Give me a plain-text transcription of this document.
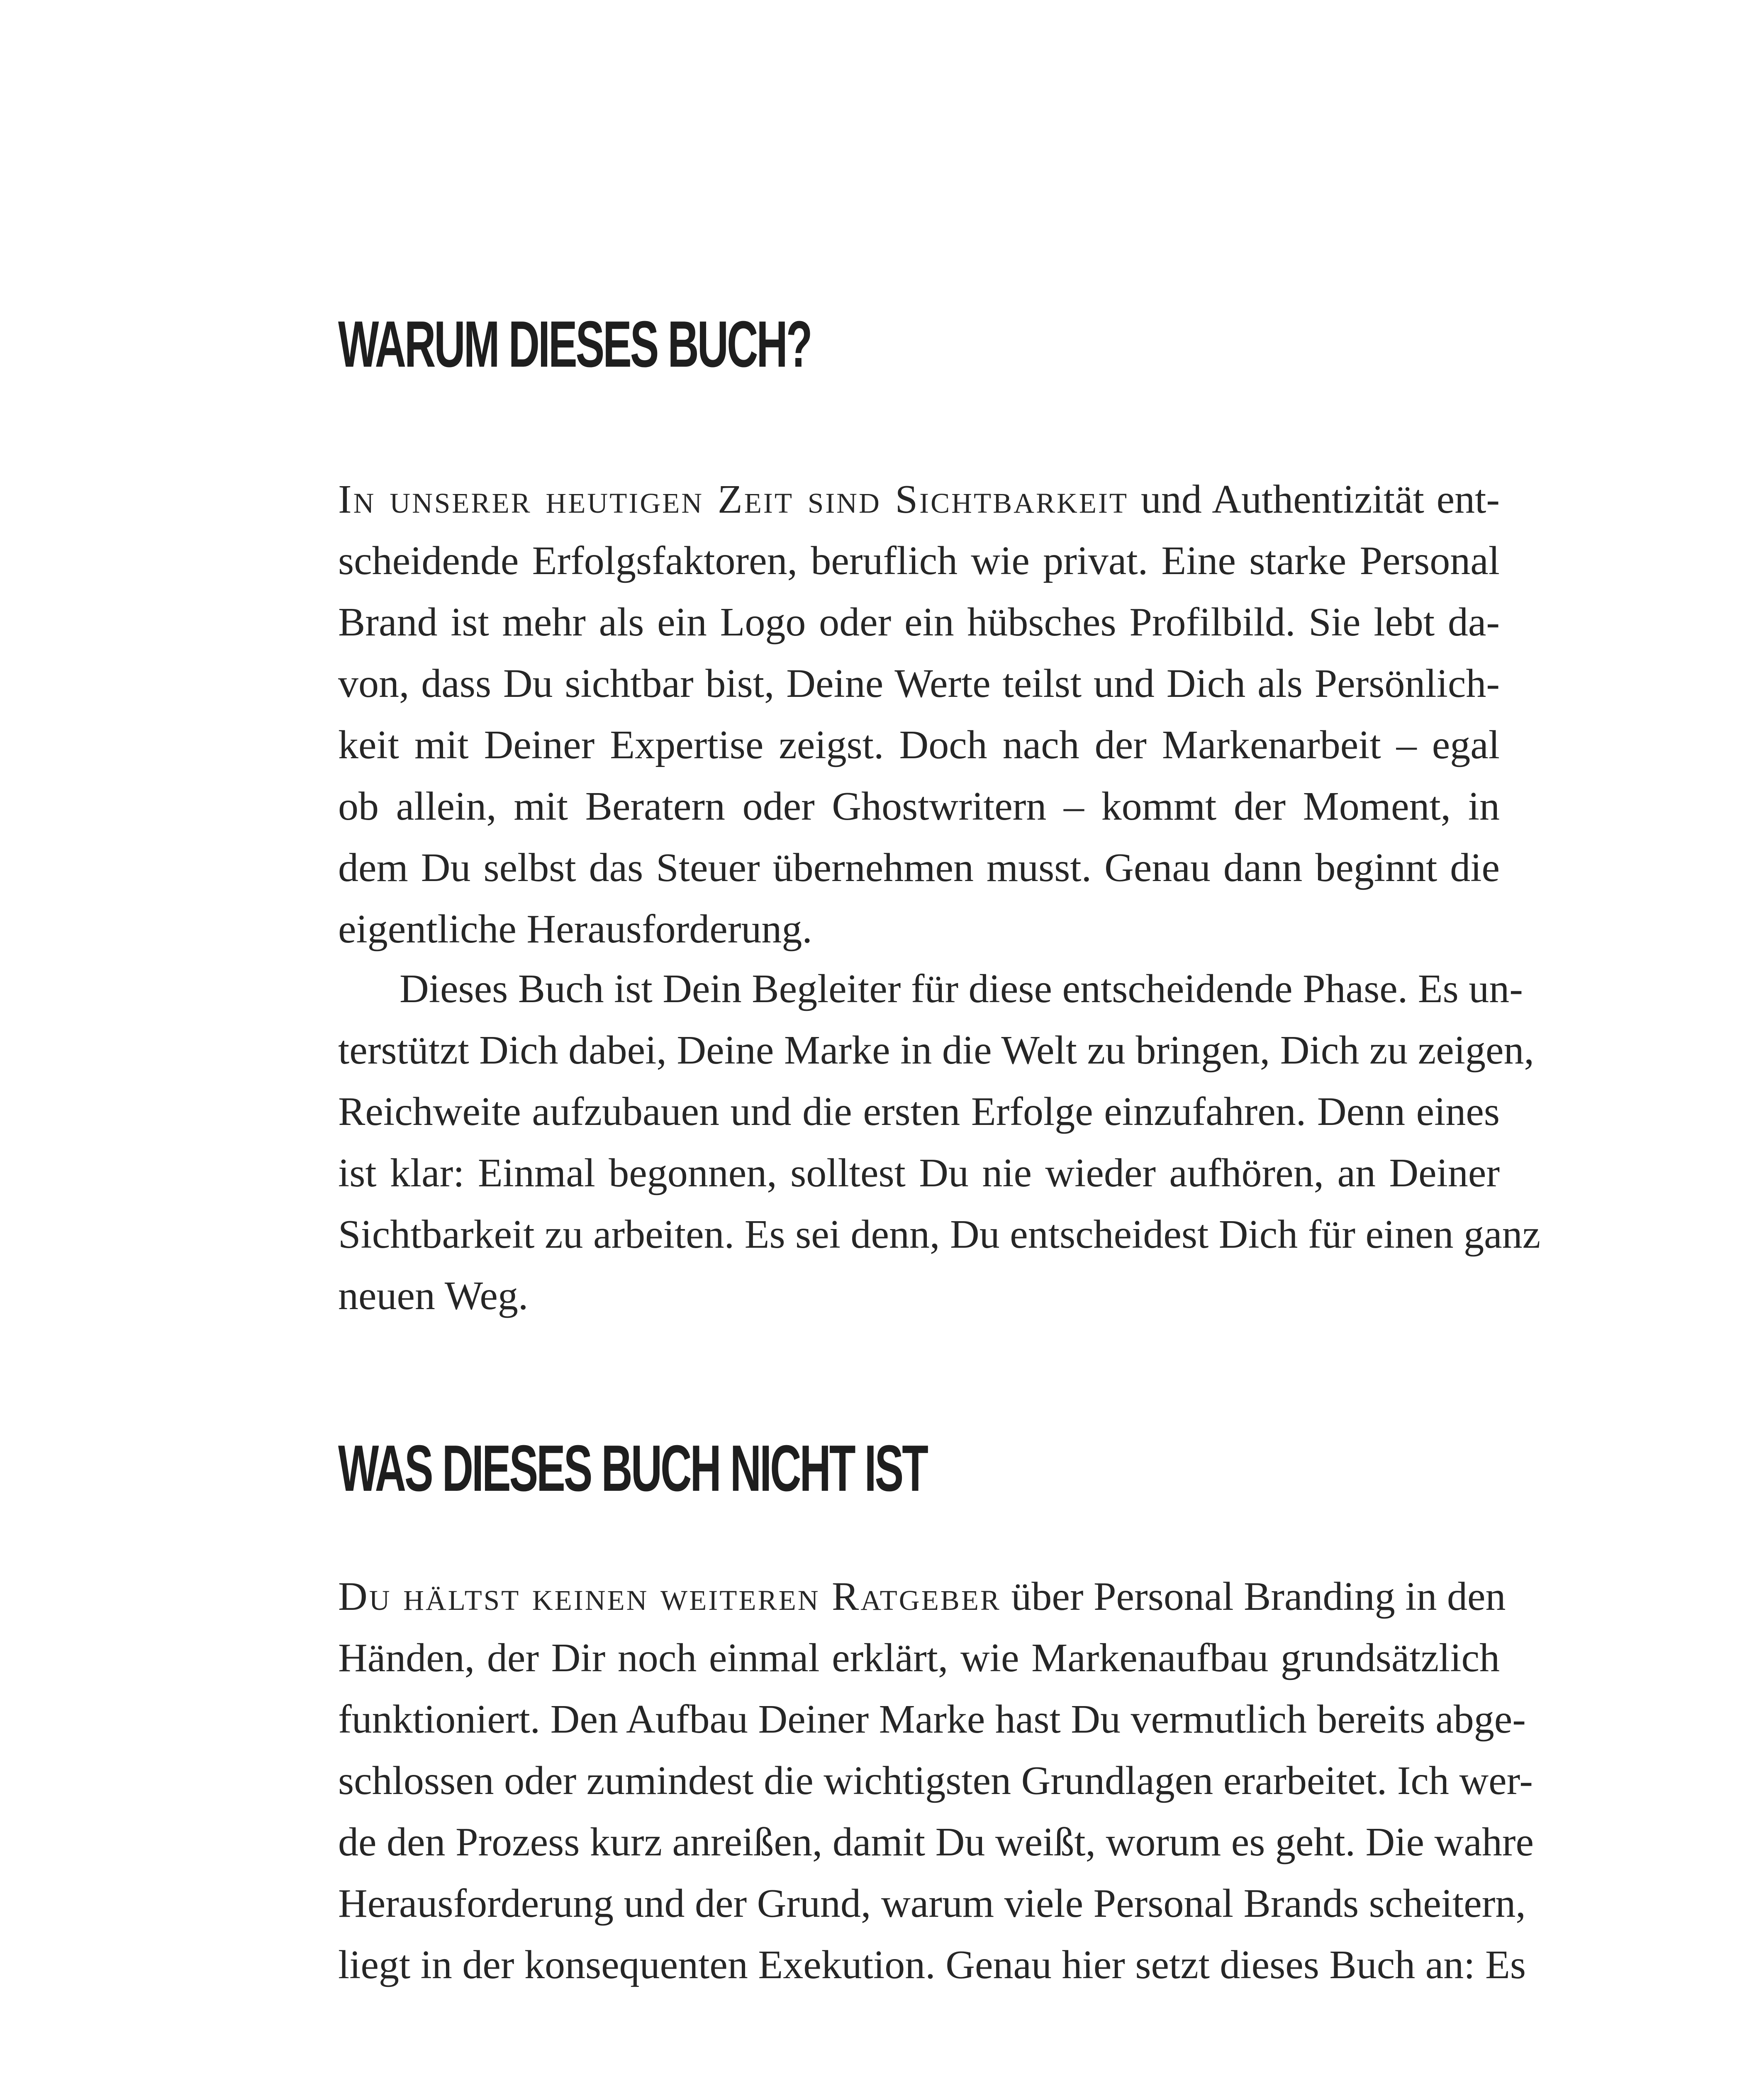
WARUM DIESES BUCH?
In unserer heutigen Zeit sind Sichtbarkeit und Authentizität ent-
scheidende Erfolgsfaktoren, beruflich wie privat. Eine starke Personal
Brand ist mehr als ein Logo oder ein hübsches Profilbild. Sie lebt da-
von, dass Du sichtbar bist, Deine Werte teilst und Dich als Persönlich-
keit mit Deiner Expertise zeigst. Doch nach der Markenarbeit – egal
ob allein, mit Beratern oder Ghostwritern – kommt der Moment, in
dem Du selbst das Steuer übernehmen musst. Genau dann beginnt die
eigentliche Herausforderung.
Dieses Buch ist Dein Begleiter für diese entscheidende Phase. Es un-
terstützt Dich dabei, Deine Marke in die Welt zu bringen, Dich zu zeigen,
Reichweite aufzubauen und die ersten Erfolge einzufahren. Denn eines
ist klar: Einmal begonnen, solltest Du nie wieder aufhören, an Deiner
Sichtbarkeit zu arbeiten. Es sei denn, Du entscheidest Dich für einen ganz
neuen Weg.
WAS DIESES BUCH NICHT IST
Du hältst keinen weiteren Ratgeber über Personal Branding in den
Händen, der Dir noch einmal erklärt, wie Markenaufbau grundsätzlich
funktioniert. Den Aufbau Deiner Marke hast Du vermutlich bereits abge-
schlossen oder zumindest die wichtigsten Grundlagen erarbeitet. Ich wer-
de den Prozess kurz anreißen, damit Du weißt, worum es geht. Die wahre
Herausforderung und der Grund, warum viele Personal Brands scheitern,
liegt in der konsequenten Exekution. Genau hier setzt dieses Buch an: Es
